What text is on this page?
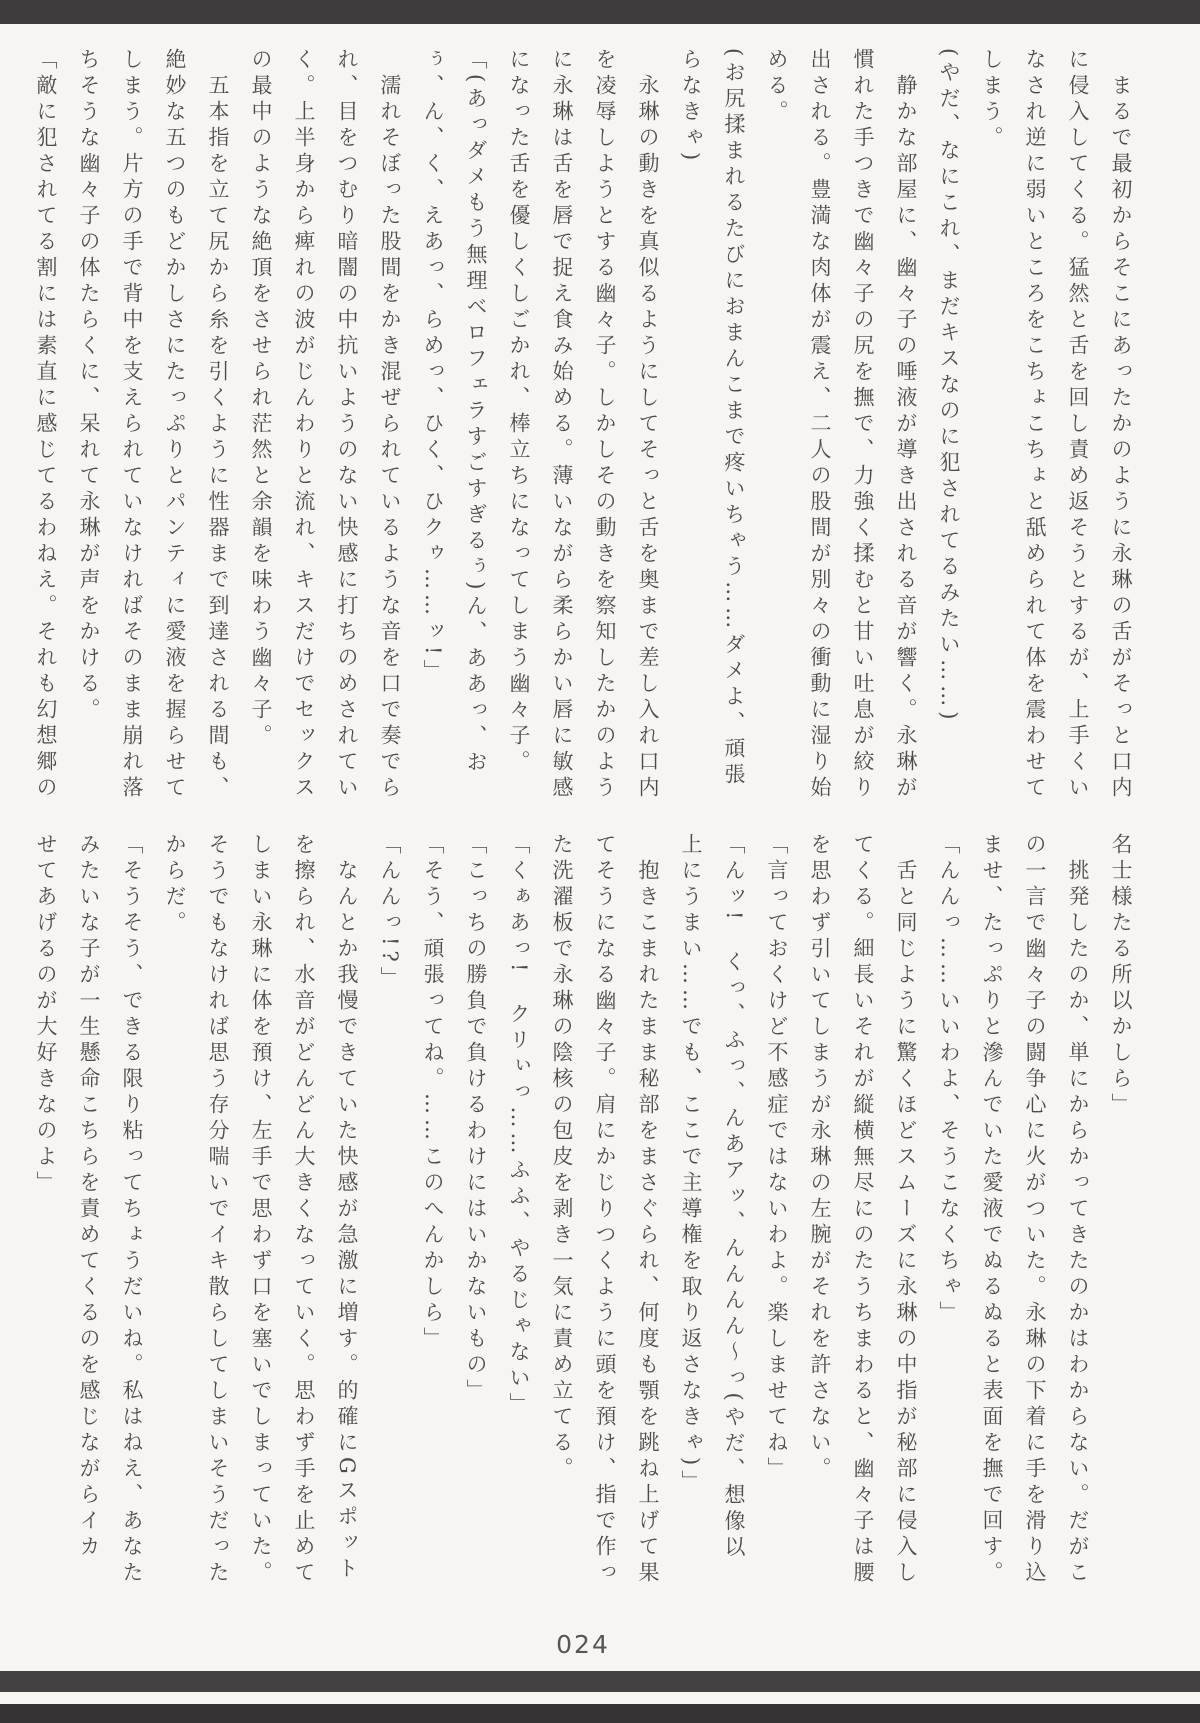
　まるで最初からそこにあったかのように永琳の舌がそっと口内
に侵入してくる。猛然と舌を回し責め返そうとするが、上手くい
なされ逆に弱いところをこちょこちょと舐められて体を震わせて
しまう。
(やだ、なにこれ、まだキスなのに犯されてるみたい……)
　静かな部屋に、幽々子の唾液が導き出される音が響く。永琳が
慣れた手つきで幽々子の尻を撫で、力強く揉むと甘い吐息が絞り
出される。豊満な肉体が震え、二人の股間が別々の衝動に湿り始
める。
(お尻揉まれるたびにおまんこまで疼いちゃう……ダメよ、頑張
らなきゃ)
　永琳の動きを真似るようにしてそっと舌を奥まで差し入れ口内
を凌辱しようとする幽々子。しかしその動きを察知したかのよう
に永琳は舌を唇で捉え食み始める。薄いながら柔らかい唇に敏感
になった舌を優しくしごかれ、棒立ちになってしまう幽々子。
「(あっダメもう無理ベロフェラすごすぎるぅ)ん、ああっ、お
ぅ、ん、く、えあっ、らめっ、ひく、ひクゥ……ッ!」
　濡れそぼった股間をかき混ぜられているような音を口で奏でら
れ、目をつむり暗闇の中抗いようのない快感に打ちのめされてい
く。上半身から痺れの波がじんわりと流れ、キスだけでセックス
の最中のような絶頂をさせられ茫然と余韻を味わう幽々子。
　五本指を立て尻から糸を引くように性器まで到達される間も、
絶妙な五つのもどかしさにたっぷりとパンティに愛液を握らせて
しまう。片方の手で背中を支えられていなければそのまま崩れ落
ちそうな幽々子の体たらくに、呆れて永琳が声をかける。
「敵に犯されてる割には素直に感じてるわねえ。それも幻想郷の
名士様たる所以かしら」
　挑発したのか、単にからかってきたのかはわからない。だがこ
の一言で幽々子の闘争心に火がついた。永琳の下着に手を滑り込
ませ、たっぷりと滲んでいた愛液でぬるぬると表面を撫で回す。
「んんっ……いいわよ、そうこなくちゃ」
　舌と同じように驚くほどスムーズに永琳の中指が秘部に侵入し
てくる。細長いそれが縦横無尽にのたうちまわると、幽々子は腰
を思わず引いてしまうが永琳の左腕がそれを許さない。
「言っておくけど不感症ではないわよ。楽しませてね」
「んッ!　くっ、ふっ、んあアッ、んんんん〜っ(やだ、想像以
上にうまい……でも、ここで主導権を取り返さなきゃ)」
　抱きこまれたまま秘部をまさぐられ、何度も顎を跳ね上げて果
てそうになる幽々子。肩にかじりつくように頭を預け、指で作っ
た洗濯板で永琳の陰核の包皮を剥き一気に責め立てる。
「くぁあっ!　クリぃっ……ふふ、やるじゃない」
「こっちの勝負で負けるわけにはいかないもの」
「そう、頑張ってね。……このへんかしら」
「んんっ!?」
　なんとか我慢できていた快感が急激に増す。的確にGスポット
を擦られ、水音がどんどん大きくなっていく。思わず手を止めて
しまい永琳に体を預け、左手で思わず口を塞いでしまっていた。
そうでもなければ思う存分喘いでイキ散らしてしまいそうだった
からだ。
「そうそう、できる限り粘ってちょうだいね。私はねえ、あなた
みたいな子が一生懸命こちらを責めてくるのを感じながらイカ
せてあげるのが大好きなのよ」
024
